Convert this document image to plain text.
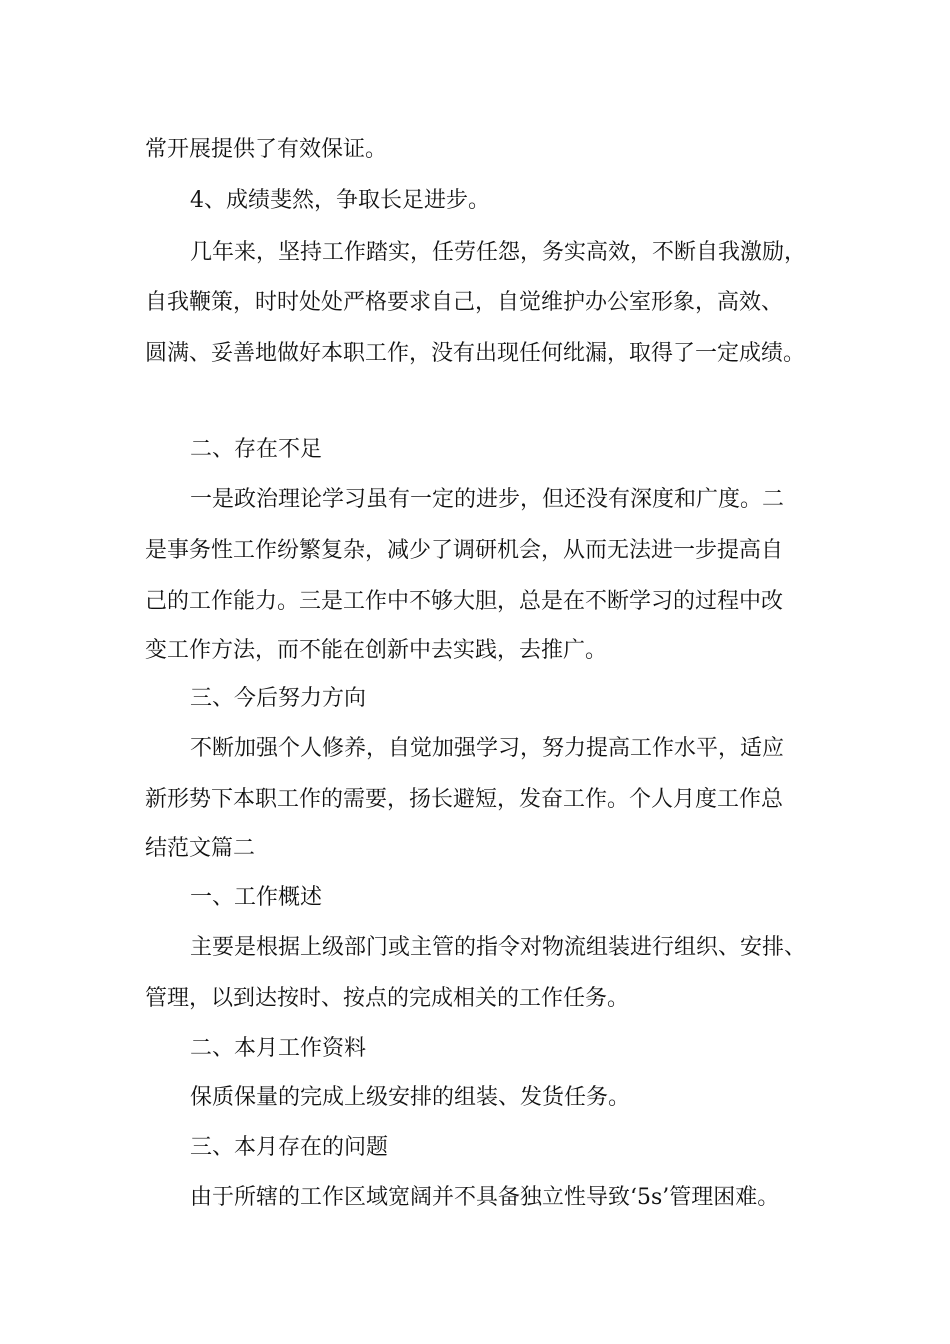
常开展提供了有效保证。
4、成绩斐然，争取长足进步。
几年来，坚持工作踏实，任劳任怨，务实高效，不断自我激励，
自我鞭策，时时处处严格要求自己，自觉维护办公室形象，高效、
圆满、妥善地做好本职工作，没有出现任何纰漏，取得了一定成绩。
二、存在不足
一是政治理论学习虽有一定的进步，但还没有深度和广度。二
是事务性工作纷繁复杂，减少了调研机会，从而无法进一步提高自
己的工作能力。三是工作中不够大胆，总是在不断学习的过程中改
变工作方法，而不能在创新中去实践，去推广。
三、今后努力方向
不断加强个人修养，自觉加强学习，努力提高工作水平，适应
新形势下本职工作的需要，扬长避短，发奋工作。个人月度工作总
结范文篇二
一、工作概述
主要是根据上级部门或主管的指令对物流组装进行组织、安排、
管理，以到达按时、按点的完成相关的工作任务。
二、本月工作资料
保质保量的完成上级安排的组装、发货任务。
三、本月存在的问题
由于所辖的工作区域宽阔并不具备独立性导致‘5s’管理困难。
